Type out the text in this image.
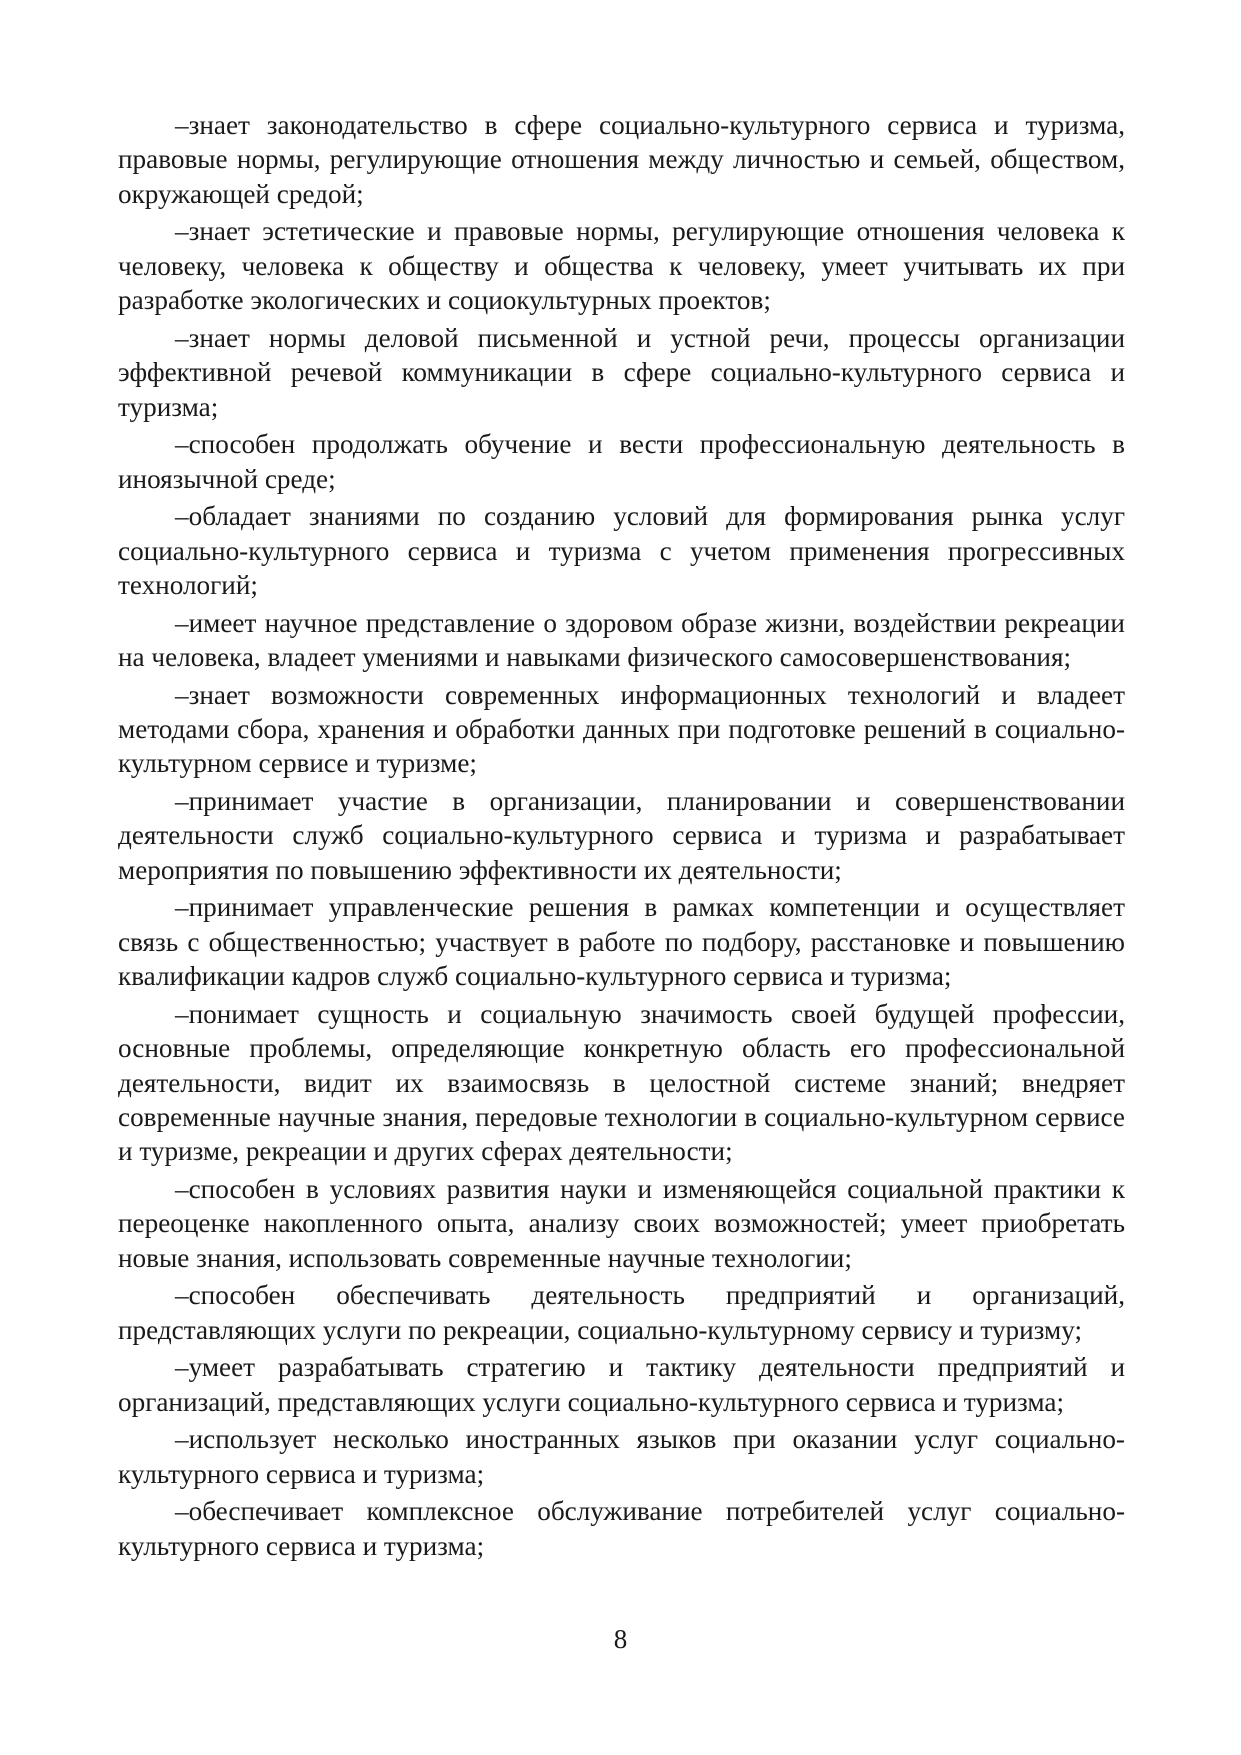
–знает законодательство в сфере социально-культурного сервиса и туризма, правовые нормы, регулирующие отношения между личностью и семьей, обществом, окружающей средой;

–знает эстетические и правовые нормы, регулирующие отношения человека к человеку, человека к обществу и общества к человеку, умеет учитывать их при разработке экологических и социокультурных проектов;

–знает нормы деловой письменной и устной речи, процессы организации эффективной речевой коммуникации в сфере социально-культурного сервиса и туризма;

–способен продолжать обучение и вести профессиональную деятельность в иноязычной среде;

–обладает знаниями по созданию условий для формирования рынка услуг социально-культурного сервиса и туризма с учетом применения прогрессивных технологий;

–имеет научное представление о здоровом образе жизни, воздействии рекреации на человека, владеет умениями и навыками физического самосовершенствования;

–знает возможности современных информационных технологий и владеет методами сбора, хранения и обработки данных при подготовке решений в социально-культурном сервисе и туризме;

–принимает участие в организации, планировании и совершенствовании деятельности служб социально-культурного сервиса и туризма и разрабатывает мероприятия по повышению эффективности их деятельности;

–принимает управленческие решения в рамках компетенции и осуществляет связь с общественностью; участвует в работе по подбору, расстановке и повышению квалификации кадров служб социально-культурного сервиса и туризма;

–понимает сущность и социальную значимость своей будущей профессии, основные проблемы, определяющие конкретную область его профессиональной деятельности, видит их взаимосвязь в целостной системе знаний; внедряет современные научные знания, передовые технологии в социально-культурном сервисе и туризме, рекреации и других сферах деятельности;

–способен в условиях развития науки и изменяющейся социальной практики к переоценке накопленного опыта, анализу своих возможностей; умеет приобретать новые знания, использовать современные научные технологии;

–способен обеспечивать деятельность предприятий и организаций, представляющих услуги по рекреации, социально-культурному сервису и туризму;

–умеет разрабатывать стратегию и тактику деятельности предприятий и организаций, представляющих услуги социально-культурного сервиса и туризма;

–использует несколько иностранных языков при оказании услуг социально-культурного сервиса и туризма;

–обеспечивает комплексное обслуживание потребителей услуг социально-культурного сервиса и туризма;

8
